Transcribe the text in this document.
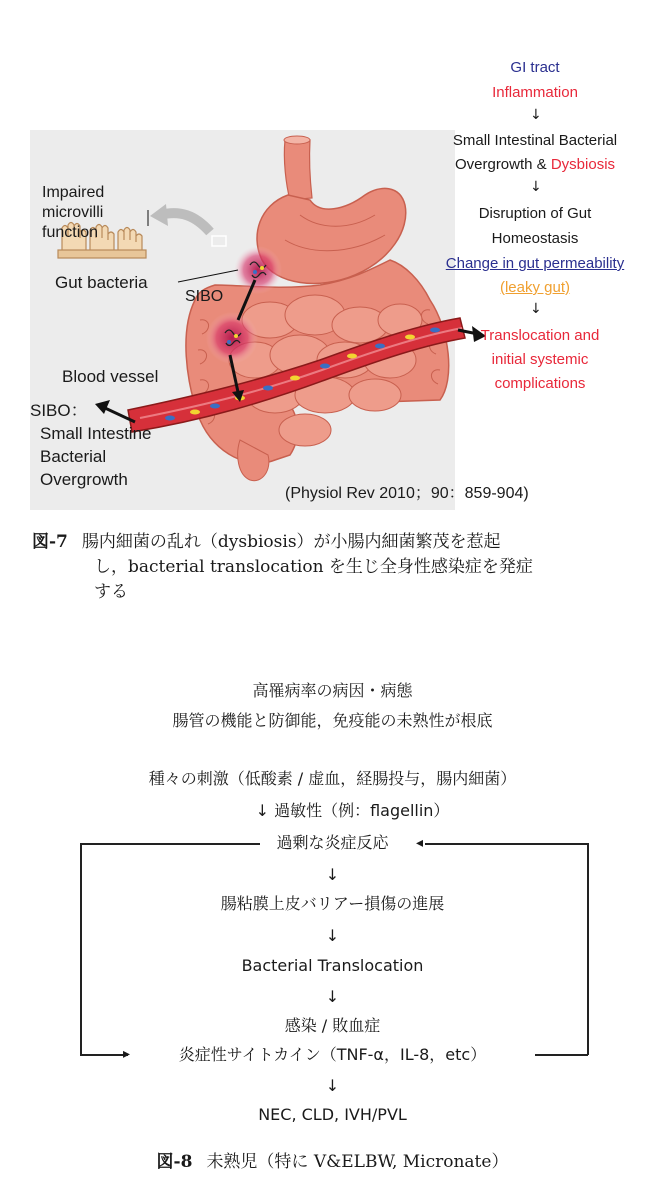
Impaired microvilli function
Gut bacteria
SIBO
Blood vessel
SIBO：
Small Intestine
Bacterial
Overgrowth
(Physiol Rev 2010；90：859-904)
GI tract
Inflammation
↓
Small Intestinal Bacterial
Overgrowth & Dysbiosis
↓
Disruption of Gut
Homeostasis
Change in gut permeability
(leaky gut)
↓
Translocation and
initial systemic
complications
図-7 腸内細菌の乱れ（dysbiosis）が小腸内細菌繁茂を惹起
し，bacterial translocation を生じ全身性感染症を発症
する
高罹病率の病因・病態
腸管の機能と防御能，免疫能の未熟性が根底
種々の刺激（低酸素 / 虚血，経腸投与，腸内細菌）
↓ 過敏性（例：flagellin）
過剰な炎症反応
↓
腸粘膜上皮バリアー損傷の進展
↓
Bacterial Translocation
↓
感染 / 敗血症
炎症性サイトカイン（TNF-α，IL-8，etc）
↓
NEC, CLD, IVH/PVL
▸
◂
図-8 未熟児（特に V&ELBW, Micronate）
